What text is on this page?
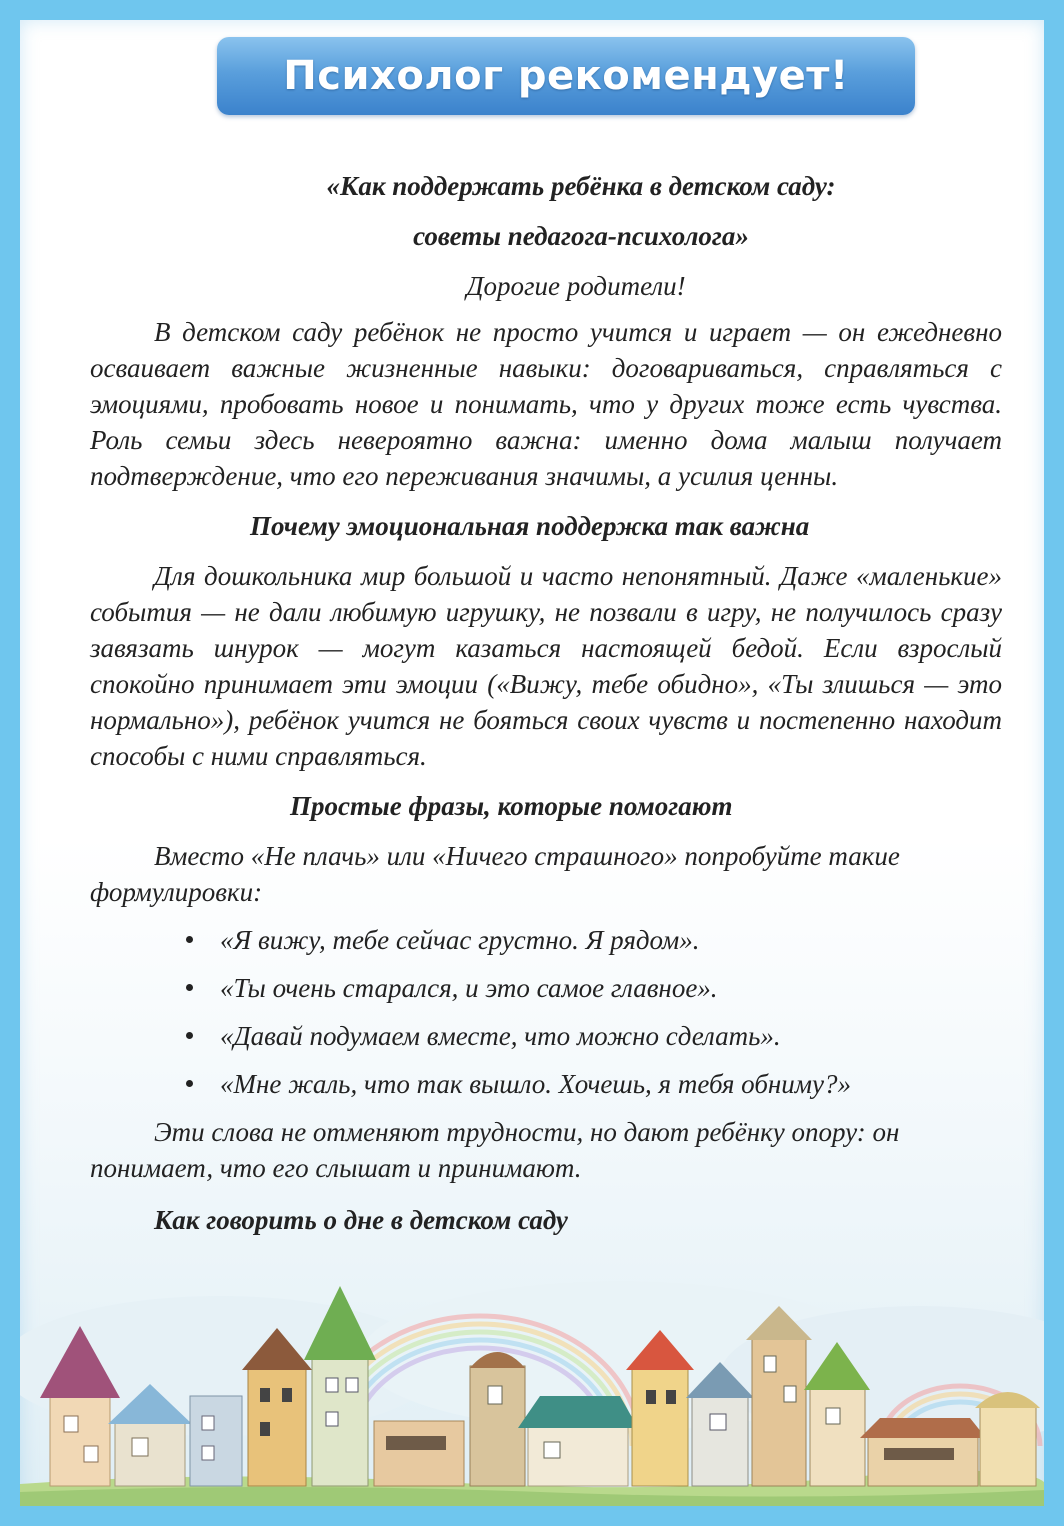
Психолог рекомендует!
«Как поддержать ребёнка в детском саду:
советы педагога-психолога»
Дорогие родители!

В детском саду ребёнок не просто учится и играет — он ежедневно осваивает важные жизненные навыки: договариваться, справляться с эмоциями, пробовать новое и понимать, что у других тоже есть чувства. Роль семьи здесь невероятно важна: именно дома малыш получает подтверждение, что его переживания значимы, а усилия ценны.

Почему эмоциональная поддержка так важна

Для дошкольника мир большой и часто непонятный. Даже «маленькие» события — не дали любимую игрушку, не позвали в игру, не получилось сразу завязать шнурок — могут казаться настоящей бедой. Если взрослый спокойно принимает эти эмоции («Вижу, тебе обидно», «Ты злишься — это нормально»), ребёнок учится не бояться своих чувств и постепенно находит способы с ними справляться.

Простые фразы, которые помогают

Вместо «Не плачь» или «Ничего страшного» попробуйте такие формулировки:

«Я вижу, тебе сейчас грустно. Я рядом».
«Ты очень старался, и это самое главное».
«Давай подумаем вместе, что можно сделать».
«Мне жаль, что так вышло. Хочешь, я тебя обниму?»

Эти слова не отменяют трудности, но дают ребёнку опору: он понимает, что его слышат и принимают.

Как говорить о дне в детском саду
